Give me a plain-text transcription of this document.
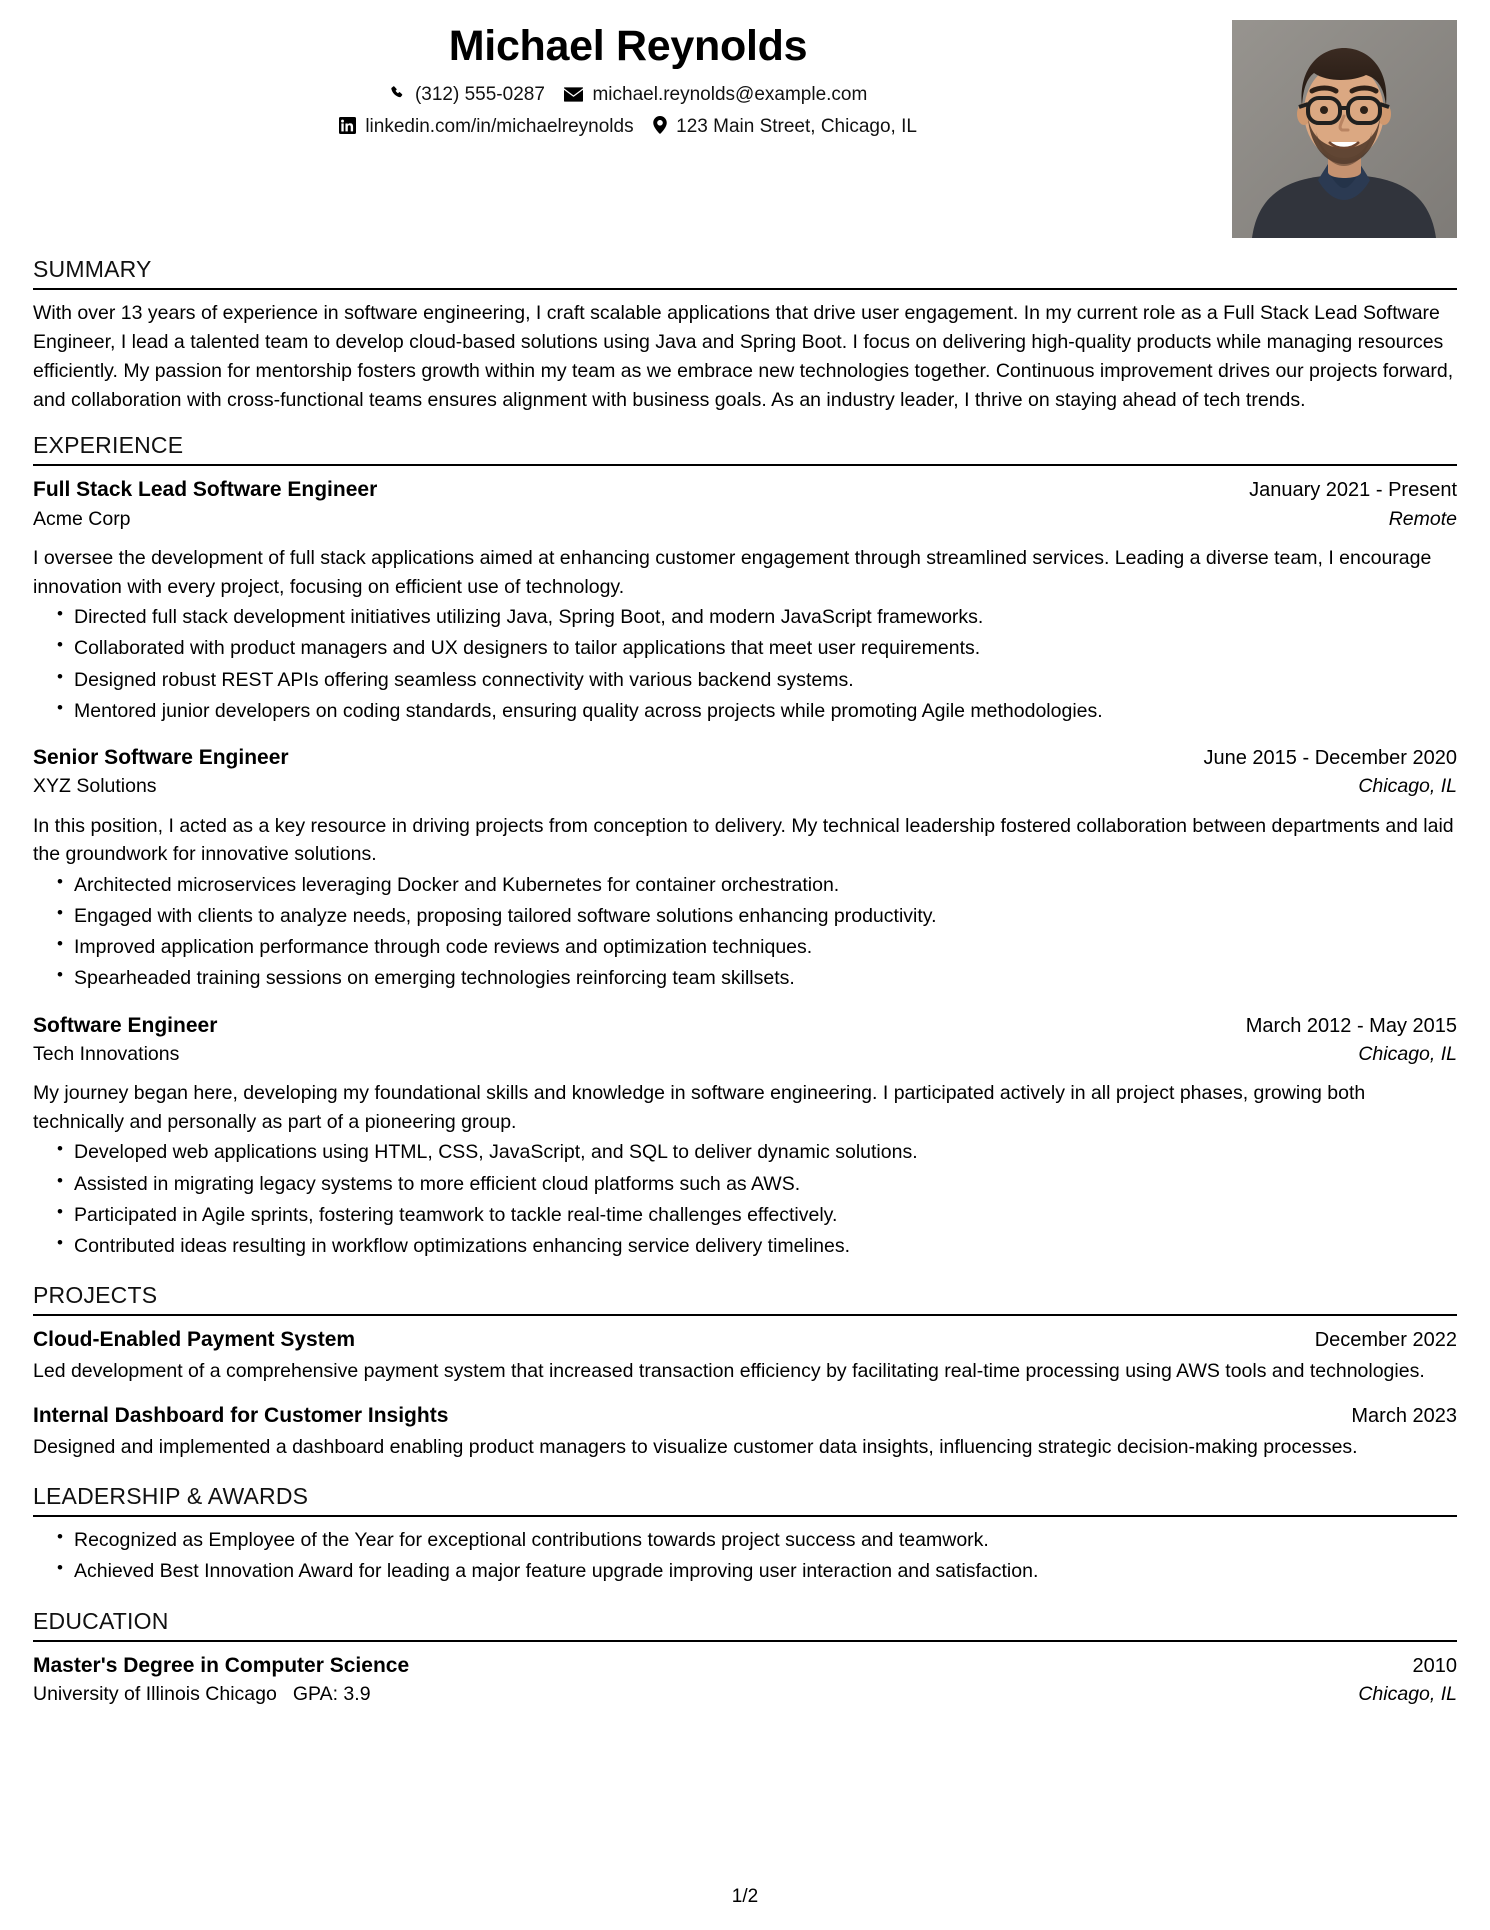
Michael Reynolds
(312) 555-0287	michael.reynolds@example.com
linkedin.com/in/michaelreynolds 123 Main Street, Chicago, IL
SUMMARY

With over 13 years of experience in software engineering, I craft scalable applications that drive user engagement. In my current role as a Full Stack Lead Software Engineer, I lead a talented team to develop cloud-based solutions using Java and Spring Boot. I focus on delivering high-quality products while managing resources efficiently. My passion for mentorship fosters growth within my team as we embrace new technologies together. Continuous improvement drives our projects forward, and collaboration with cross-functional teams ensures alignment with business goals. As an industry leader, I thrive on staying ahead of tech trends.

EXPERIENCE
Full Stack Lead Software Engineer	January 2021 - Present
Acme Corp	Remote

I oversee the development of full stack applications aimed at enhancing customer engagement through streamlined services. Leading a diverse team, I encourage innovation with every project, focusing on efficient use of technology.

• Directed full stack development initiatives utilizing Java, Spring Boot, and modern JavaScript frameworks.
• Collaborated with product managers and UX designers to tailor applications that meet user requirements.
• Designed robust REST APIs offering seamless connectivity with various backend systems.
• Mentored junior developers on coding standards, ensuring quality across projects while promoting Agile methodologies.
Senior Software Engineer	June 2015 - December 2020
XYZ Solutions	Chicago, IL

In this position, I acted as a key resource in driving projects from conception to delivery. My technical leadership fostered collaboration between departments and laid the groundwork for innovative solutions.

• Architected microservices leveraging Docker and Kubernetes for container orchestration.
• Engaged with clients to analyze needs, proposing tailored software solutions enhancing productivity.
• Improved application performance through code reviews and optimization techniques.
• Spearheaded training sessions on emerging technologies reinforcing team skillsets.
Software Engineer	March 2012 - May 2015
Tech Innovations	Chicago, IL

My journey began here, developing my foundational skills and knowledge in software engineering. I participated actively in all project phases, growing both technically and personally as part of a pioneering group.

• Developed web applications using HTML, CSS, JavaScript, and SQL to deliver dynamic solutions.
• Assisted in migrating legacy systems to more efficient cloud platforms such as AWS.
• Participated in Agile sprints, fostering teamwork to tackle real-time challenges effectively.
• Contributed ideas resulting in workflow optimizations enhancing service delivery timelines.
PROJECTS
Cloud-Enabled Payment System	December 2022

Led development of a comprehensive payment system that increased transaction efficiency by facilitating real-time processing using AWS tools and technologies.

Internal Dashboard for Customer Insights	March 2023

Designed and implemented a dashboard enabling product managers to visualize customer data insights, influencing strategic decision-making processes.

LEADERSHIP & AWARDS
• Recognized as Employee of the Year for exceptional contributions towards project success and teamwork.
• Achieved Best Innovation Award for leading a major feature upgrade improving user interaction and satisfaction.
EDUCATION
Master's Degree in Computer Science	2010
University of Illinois Chicago GPA: 3.9	Chicago, IL
1/2
